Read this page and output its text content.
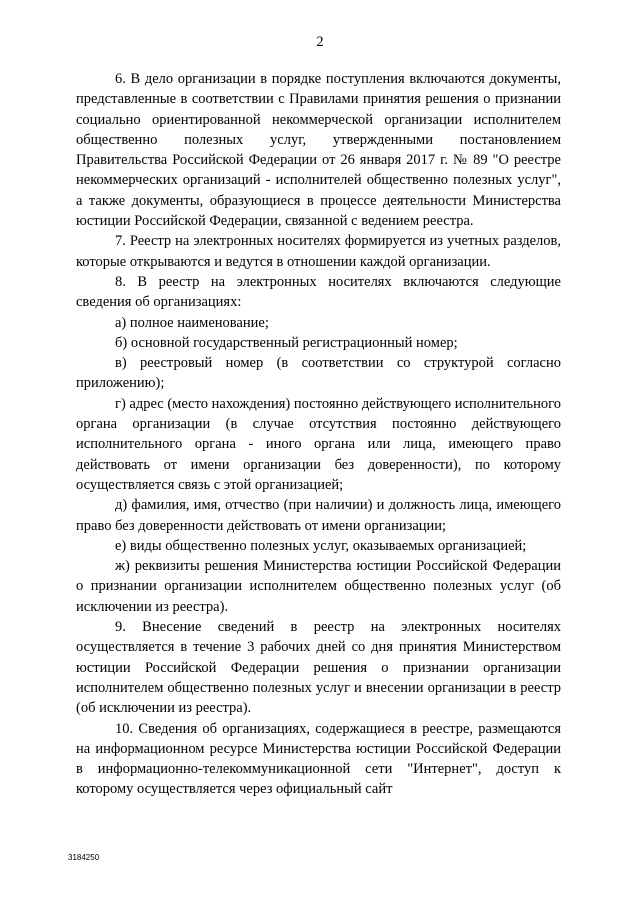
2

6. В дело организации в порядке поступления включаются документы, представленные в соответствии с Правилами принятия решения о признании социально ориентированной некоммерческой организации исполнителем общественно полезных услуг, утвержденными постановлением Правительства Российской Федерации от 26 января 2017 г. № 89 "О реестре некоммерческих организаций - исполнителей общественно полезных услуг", а также документы, образующиеся в процессе деятельности Министерства юстиции Российской Федерации, связанной с ведением реестра.

7. Реестр на электронных носителях формируется из учетных разделов, которые открываются и ведутся в отношении каждой организации.

8. В реестр на электронных носителях включаются следующие сведения об организациях:

а) полное наименование;

б) основной государственный регистрационный номер;

в) реестровый номер (в соответствии со структурой согласно приложению);

г) адрес (место нахождения) постоянно действующего исполнительного органа организации (в случае отсутствия постоянно действующего исполнительного органа - иного органа или лица, имеющего право действовать от имени организации без доверенности), по которому осуществляется связь с этой организацией;

д) фамилия, имя, отчество (при наличии) и должность лица, имеющего право без доверенности действовать от имени организации;

е) виды общественно полезных услуг, оказываемых организацией;

ж) реквизиты решения Министерства юстиции Российской Федерации о признании организации исполнителем общественно полезных услуг (об исключении из реестра).

9. Внесение сведений в реестр на электронных носителях осуществляется в течение 3 рабочих дней со дня принятия Министерством юстиции Российской Федерации решения о признании организации исполнителем общественно полезных услуг и внесении организации в реестр (об исключении из реестра).

10. Сведения об организациях, содержащиеся в реестре, размещаются на информационном ресурсе Министерства юстиции Российской Федерации в информационно-телекоммуникационной сети "Интернет", доступ к которому осуществляется через официальный сайт

3184250
